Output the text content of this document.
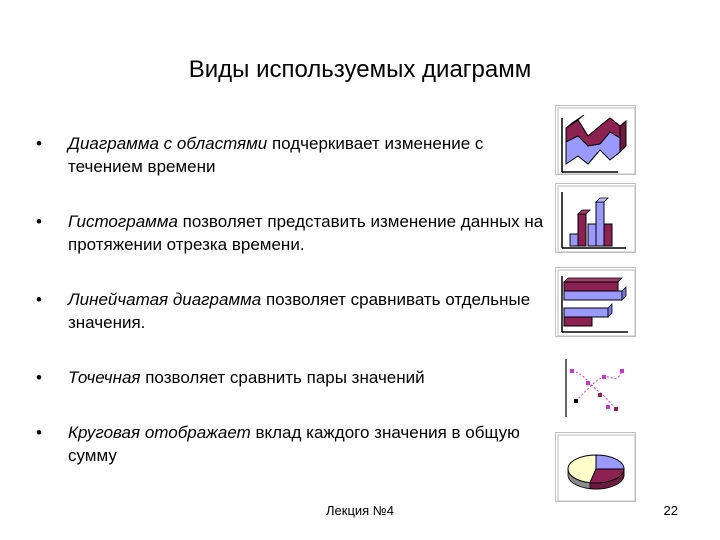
Виды используемых диаграмм
• Диаграмма с областями подчеркивает изменение с течением времени
• Гистограмма позволяет представить изменение данных на протяжении отрезка времени.
• Линейчатая диаграмма позволяет сравнивать отдельные значения.
• Точечная позволяет сравнить пары значений
• Круговая отображает вклад каждого значения в общую сумму
Лекция №4	22
